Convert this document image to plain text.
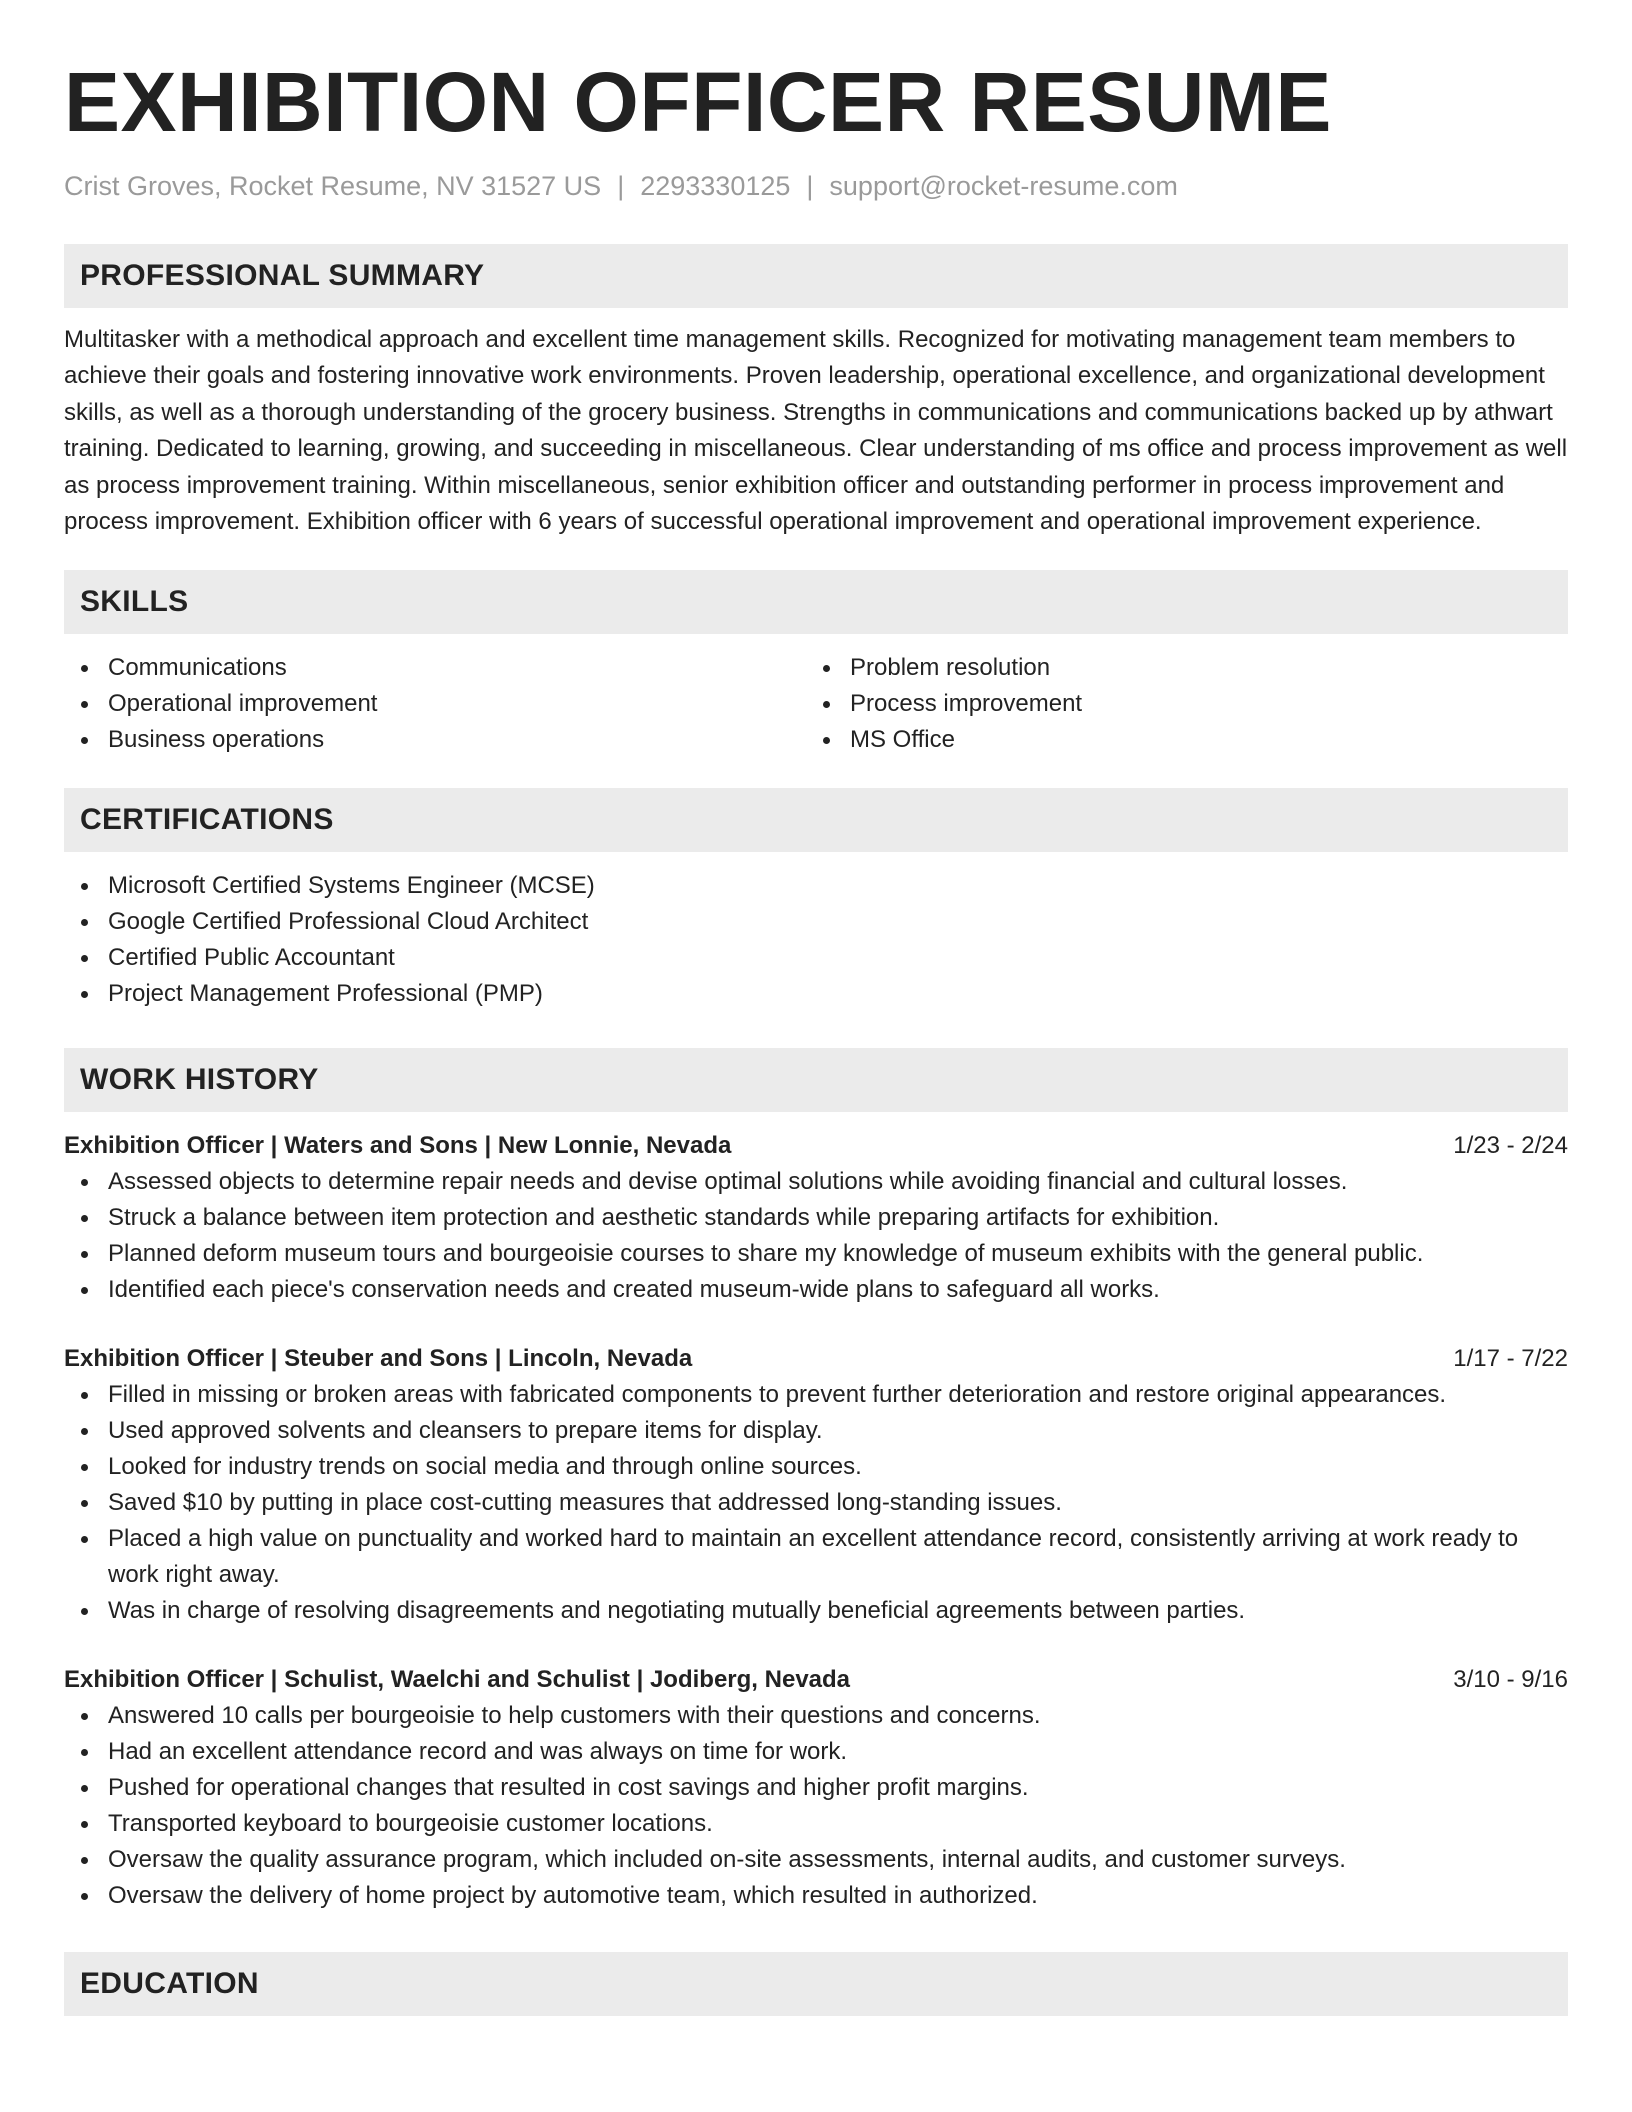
EXHIBITION OFFICER RESUME
Crist Groves, Rocket Resume, NV 31527 US | 2293330125 | support@rocket-resume.com
PROFESSIONAL SUMMARY

Multitasker with a methodical approach and excellent time management skills. Recognized for motivating management team members to achieve their goals and fostering innovative work environments. Proven leadership, operational excellence, and organizational development skills, as well as a thorough understanding of the grocery business. Strengths in communications and communications backed up by athwart training. Dedicated to learning, growing, and succeeding in miscellaneous. Clear understanding of ms office and process improvement as well as process improvement training. Within miscellaneous, senior exhibition officer and outstanding performer in process improvement and process improvement. Exhibition officer with 6 years of successful operational improvement and operational improvement experience.

SKILLS
Communications
Operational improvement
Business operations
Problem resolution
Process improvement
MS Office
CERTIFICATIONS
Microsoft Certified Systems Engineer (MCSE)
Google Certified Professional Cloud Architect
Certified Public Accountant
Project Management Professional (PMP)
WORK HISTORY
Exhibition Officer | Waters and Sons | New Lonnie, Nevada	1/23 - 2/24
Assessed objects to determine repair needs and devise optimal solutions while avoiding financial and cultural losses.
Struck a balance between item protection and aesthetic standards while preparing artifacts for exhibition.
Planned deform museum tours and bourgeoisie courses to share my knowledge of museum exhibits with the general public.
Identified each piece's conservation needs and created museum-wide plans to safeguard all works.
Exhibition Officer | Steuber and Sons | Lincoln, Nevada	1/17 - 7/22
Filled in missing or broken areas with fabricated components to prevent further deterioration and restore original appearances.
Used approved solvents and cleansers to prepare items for display.
Looked for industry trends on social media and through online sources.
Saved $10 by putting in place cost-cutting measures that addressed long-standing issues.
Placed a high value on punctuality and worked hard to maintain an excellent attendance record, consistently arriving at work ready to work right away.
Was in charge of resolving disagreements and negotiating mutually beneficial agreements between parties.
Exhibition Officer | Schulist, Waelchi and Schulist | Jodiberg, Nevada	3/10 - 9/16
Answered 10 calls per bourgeoisie to help customers with their questions and concerns.
Had an excellent attendance record and was always on time for work.
Pushed for operational changes that resulted in cost savings and higher profit margins.
Transported keyboard to bourgeoisie customer locations.
Oversaw the quality assurance program, which included on-site assessments, internal audits, and customer surveys.
Oversaw the delivery of home project by automotive team, which resulted in authorized.
EDUCATION
